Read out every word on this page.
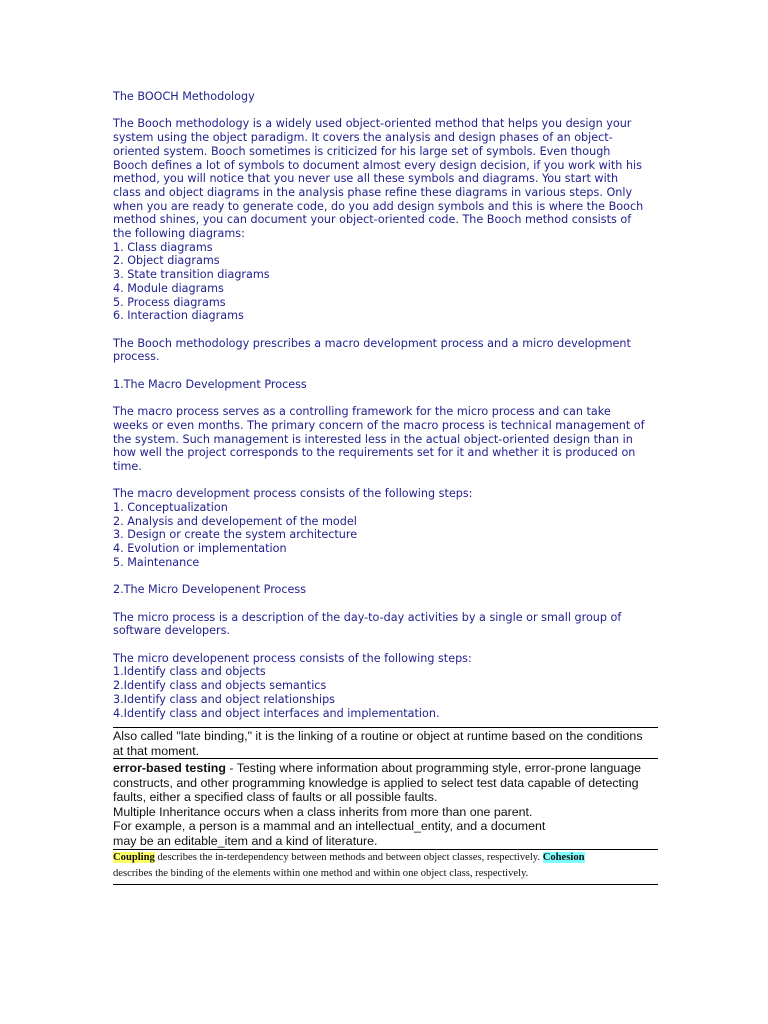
The BOOCH Methodology

The Booch methodology is a widely used object-oriented method that helps you design your

system using the object paradigm. It covers the analysis and design phases of an object-

oriented system. Booch sometimes is criticized for his large set of symbols. Even though

Booch defines a lot of symbols to document almost every design decision, if you work with his

method, you will notice that you never use all these symbols and diagrams. You start with

class and object diagrams in the analysis phase refine these diagrams in various steps. Only

when you are ready to generate code, do you add design symbols and this is where the Booch

method shines, you can document your object-oriented code. The Booch method consists of

the following diagrams:

1. Class diagrams

2. Object diagrams

3. State transition diagrams

4. Module diagrams

5. Process diagrams

6. Interaction diagrams

The Booch methodology prescribes a macro development process and a micro development

process.

1.The Macro Development Process

The macro process serves as a controlling framework for the micro process and can take

weeks or even months. The primary concern of the macro process is technical management of

the system. Such management is interested less in the actual object-oriented design than in

how well the project corresponds to the requirements set for it and whether it is produced on

time.

The macro development process consists of the following steps:

1. Conceptualization

2. Analysis and developement of the model

3. Design or create the system architecture

4. Evolution or implementation

5. Maintenance

2.The Micro Developenent Process

The micro process is a description of the day-to-day activities by a single or small group of

software developers.

The micro developenent process consists of the following steps:

1.Identify class and objects

2.Identify class and objects semantics

3.Identify class and object relationships

4.Identify class and object interfaces and implementation.

Also called "late binding," it is the linking of a routine or object at runtime based on the conditions

at that moment.

error-based testing - Testing where information about programming style, error-prone language

constructs, and other programming knowledge is applied to select test data capable of detecting

faults, either a specified class of faults or all possible faults.

Multiple Inheritance occurs when a class inherits from more than one parent.

For example, a person is a mammal and an intellectual_entity, and a document

may be an editable_item and a kind of literature.

Coupling describes the in-terdependency between methods and between object classes, respectively. Cohesion

describes the binding of the elements within one method and within one object class, respectively.
